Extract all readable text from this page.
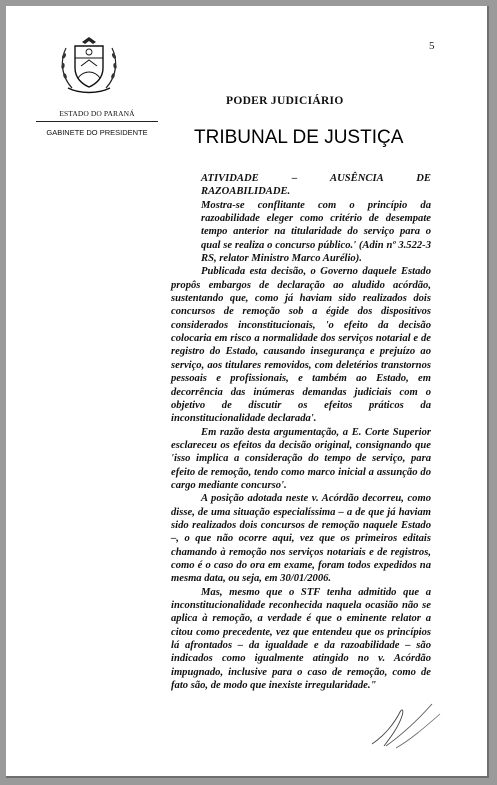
5
ESTADO DO PARANÁ
GABINETE DO PRESIDENTE
PODER JUDICIÁRIO
TRIBUNAL DE JUSTIÇA

ATIVIDADE – AUSÊNCIA DE RAZOABILIDADE.

Mostra-se conflitante com o princípio da razoabilidade eleger como critério de desempate tempo anterior na titularidade do serviço para o qual se realiza o concurso público.' (Adin nº 3.522-3 RS, relator Ministro Marco Aurélio).

Publicada esta decisão, o Governo daquele Estado propôs embargos de declaração ao aludido acórdão, sustentando que, como já haviam sido realizados dois concursos de remoção sob a égide dos dispositivos considerados inconstitucionais, 'o efeito da decisão colocaria em risco a normalidade dos serviços notarial e de registro do Estado, causando insegurança e prejuízo ao serviço, aos titulares removidos, com deletérios transtornos pessoais e profissionais, e também ao Estado, em decorrência das inúmeras demandas judiciais com o objetivo de discutir os efeitos práticos da inconstitucionalidade declarada'.

Em razão desta argumentação, a E. Corte Superior esclareceu os efeitos da decisão original, consignando que 'isso implica a consideração do tempo de serviço, para efeito de remoção, tendo como marco inicial a assunção do cargo mediante concurso'.

A posição adotada neste v. Acórdão decorreu, como disse, de uma situação especialíssima – a de que já haviam sido realizados dois concursos de remoção naquele Estado –, o que não ocorre aqui, vez que os primeiros editais chamando à remoção nos serviços notariais e de registros, como é o caso do ora em exame, foram todos expedidos na mesma data, ou seja, em 30/01/2006.

Mas, mesmo que o STF tenha admitido que a inconstitucionalidade reconhecida naquela ocasião não se aplica à remoção, a verdade é que o eminente relator a citou como precedente, vez que entendeu que os princípios lá afrontados – da igualdade e da razoabilidade – são indicados como igualmente atingido no v. Acórdão impugnado, inclusive para o caso de remoção, como de fato são, de modo que inexiste irregularidade."
